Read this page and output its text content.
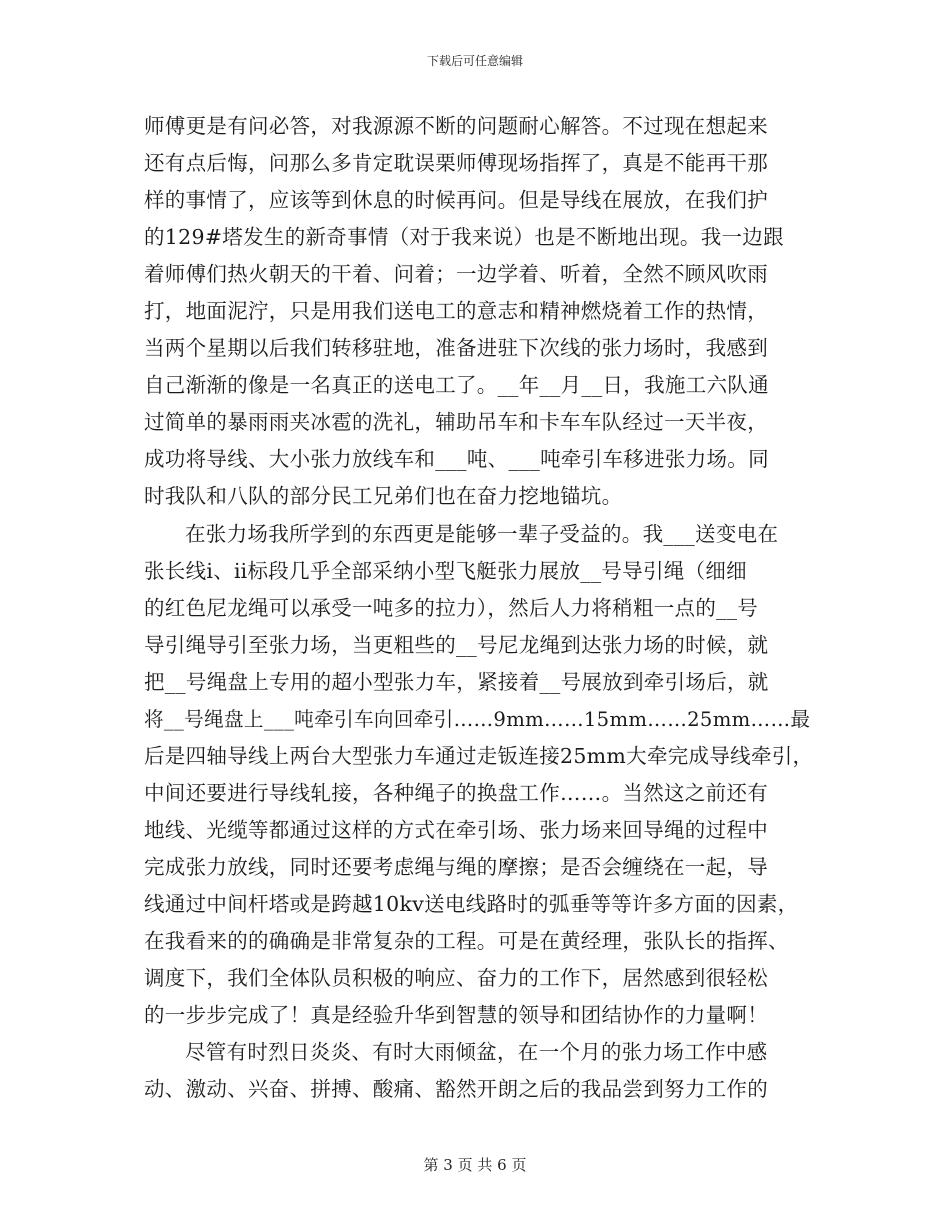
下载后可任意编辑
师傅更是有问必答，对我源源不断的问题耐心解答。不过现在想起来
还有点后悔，问那么多肯定耽误栗师傅现场指挥了，真是不能再干那
样的事情了，应该等到休息的时候再问。但是导线在展放，在我们护
的129#塔发生的新奇事情（对于我来说）也是不断地出现。我一边跟
着师傅们热火朝天的干着、问着；一边学着、听着，全然不顾风吹雨
打，地面泥泞，只是用我们送电工的意志和精神燃烧着工作的热情，
当两个星期以后我们转移驻地，准备进驻下次线的张力场时，我感到
自己渐渐的像是一名真正的送电工了。__年__月__日，我施工六队通
过简单的暴雨雨夹冰雹的洗礼，辅助吊车和卡车车队经过一天半夜，
成功将导线、大小张力放线车和___吨、___吨牵引车移进张力场。同
时我队和八队的部分民工兄弟们也在奋力挖地锚坑。
在张力场我所学到的东西更是能够一辈子受益的。我___送变电在
张长线ⅰ、ⅱ标段几乎全部采纳小型飞艇张力展放__号导引绳（细细
的红色尼龙绳可以承受一吨多的拉力），然后人力将稍粗一点的__号
导引绳导引至张力场，当更粗些的__号尼龙绳到达张力场的时候，就
把__号绳盘上专用的超小型张力车，紧接着__号展放到牵引场后，就
将__号绳盘上___吨牵引车向回牵引……9mm……15mm……25mm……最
后是四轴导线上两台大型张力车通过走钣连接25mm大牵完成导线牵引，
中间还要进行导线轧接，各种绳子的换盘工作……。当然这之前还有
地线、光缆等都通过这样的方式在牵引场、张力场来回导绳的过程中
完成张力放线，同时还要考虑绳与绳的摩擦；是否会缠绕在一起，导
线通过中间杆塔或是跨越10kv送电线路时的弧垂等等许多方面的因素，
在我看来的的确确是非常复杂的工程。可是在黄经理，张队长的指挥、
调度下，我们全体队员积极的响应、奋力的工作下，居然感到很轻松
的一步步完成了！真是经验升华到智慧的领导和团结协作的力量啊！
尽管有时烈日炎炎、有时大雨倾盆，在一个月的张力场工作中感
动、激动、兴奋、拼搏、酸痛、豁然开朗之后的我品尝到努力工作的
第 3 页 共 6 页
